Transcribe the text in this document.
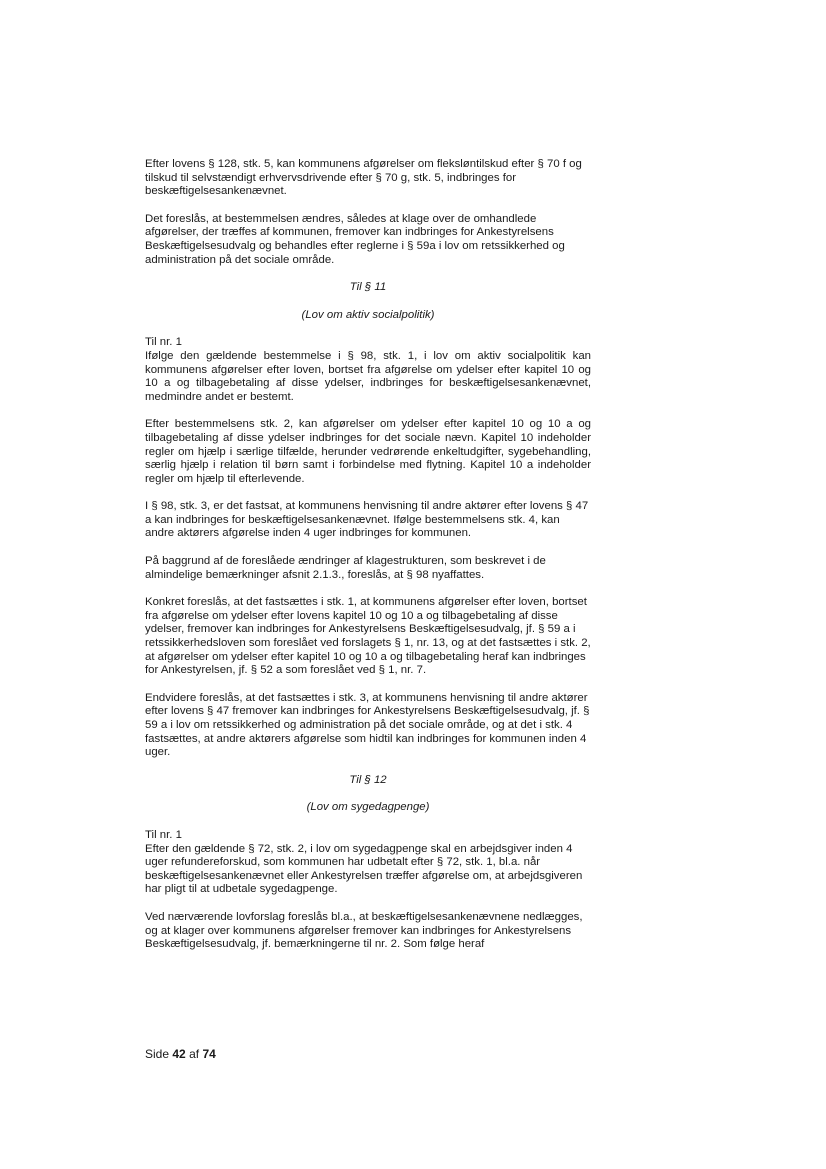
Efter lovens § 128, stk. 5, kan kommunens afgørelser om fleksløntilskud efter § 70 f og tilskud til selvstændigt erhvervsdrivende efter § 70 g, stk. 5, indbringes for beskæftigelsesankenævnet.

Det foreslås, at bestemmelsen ændres, således at klage over de omhandlede afgørelser, der træffes af kommunen, fremover kan indbringes for Ankestyrelsens Beskæftigelsesudvalg og behandles efter reglerne i § 59a i lov om retssikkerhed og administration på det sociale område.

Til § 11

(Lov om aktiv socialpolitik)

Til nr. 1

Ifølge den gældende bestemmelse i § 98, stk. 1, i lov om aktiv socialpolitik kan kommunens afgørelser efter loven, bortset fra afgørelse om ydelser efter kapitel 10 og 10 a og tilbagebetaling af disse ydelser, indbringes for beskæftigelsesankenævnet, medmindre andet er bestemt.

Efter bestemmelsens stk. 2, kan afgørelser om ydelser efter kapitel 10 og 10 a og tilbagebetaling af disse ydelser indbringes for det sociale nævn. Kapitel 10 indeholder regler om hjælp i særlige tilfælde, herunder vedrørende enkeltudgifter, sygebehandling, særlig hjælp i relation til børn samt i forbindelse med flytning. Kapitel 10 a indeholder regler om hjælp til efterlevende.

I § 98, stk. 3, er det fastsat, at kommunens henvisning til andre aktører efter lovens § 47 a kan indbringes for beskæftigelsesankenævnet. Ifølge bestemmelsens stk. 4, kan andre aktørers afgørelse inden 4 uger indbringes for kommunen.

På baggrund af de foreslåede ændringer af klagestrukturen, som beskrevet i de almindelige bemærkninger afsnit 2.1.3., foreslås, at § 98 nyaffattes.

Konkret foreslås, at det fastsættes i stk. 1, at kommunens afgørelser efter loven, bortset fra afgørelse om ydelser efter lovens kapitel 10 og 10 a og tilbagebetaling af disse ydelser, fremover kan indbringes for Ankestyrelsens Beskæftigelsesudvalg, jf. § 59 a i retssikkerhedsloven som foreslået ved forslagets § 1, nr. 13, og at det fastsættes i stk. 2, at afgørelser om ydelser efter kapitel 10 og 10 a og tilbagebetaling heraf kan indbringes for Ankestyrelsen, jf. § 52 a som foreslået ved § 1, nr. 7.

Endvidere foreslås, at det fastsættes i stk. 3, at kommunens henvisning til andre aktører efter lovens § 47 fremover kan indbringes for Ankestyrelsens Beskæftigelsesudvalg, jf. § 59 a i lov om retssikkerhed og administration på det sociale område, og at det i stk. 4 fastsættes, at andre aktørers afgørelse som hidtil kan indbringes for kommunen inden 4 uger.

Til § 12

(Lov om sygedagpenge)

Til nr. 1

Efter den gældende § 72, stk. 2, i lov om sygedagpenge skal en arbejdsgiver inden 4 uger refundereforskud, som kommunen har udbetalt efter § 72, stk. 1, bl.a. når beskæftigelsesankenævnet eller Ankestyrelsen træffer afgørelse om, at arbejdsgiveren har pligt til at udbetale sygedagpenge.

Ved nærværende lovforslag foreslås bl.a., at beskæftigelsesankenævnene nedlægges, og at klager over kommunens afgørelser fremover kan indbringes for Ankestyrelsens Beskæftigelsesudvalg, jf. bemærkningerne til nr. 2. Som følge heraf

Side 42 af 74
